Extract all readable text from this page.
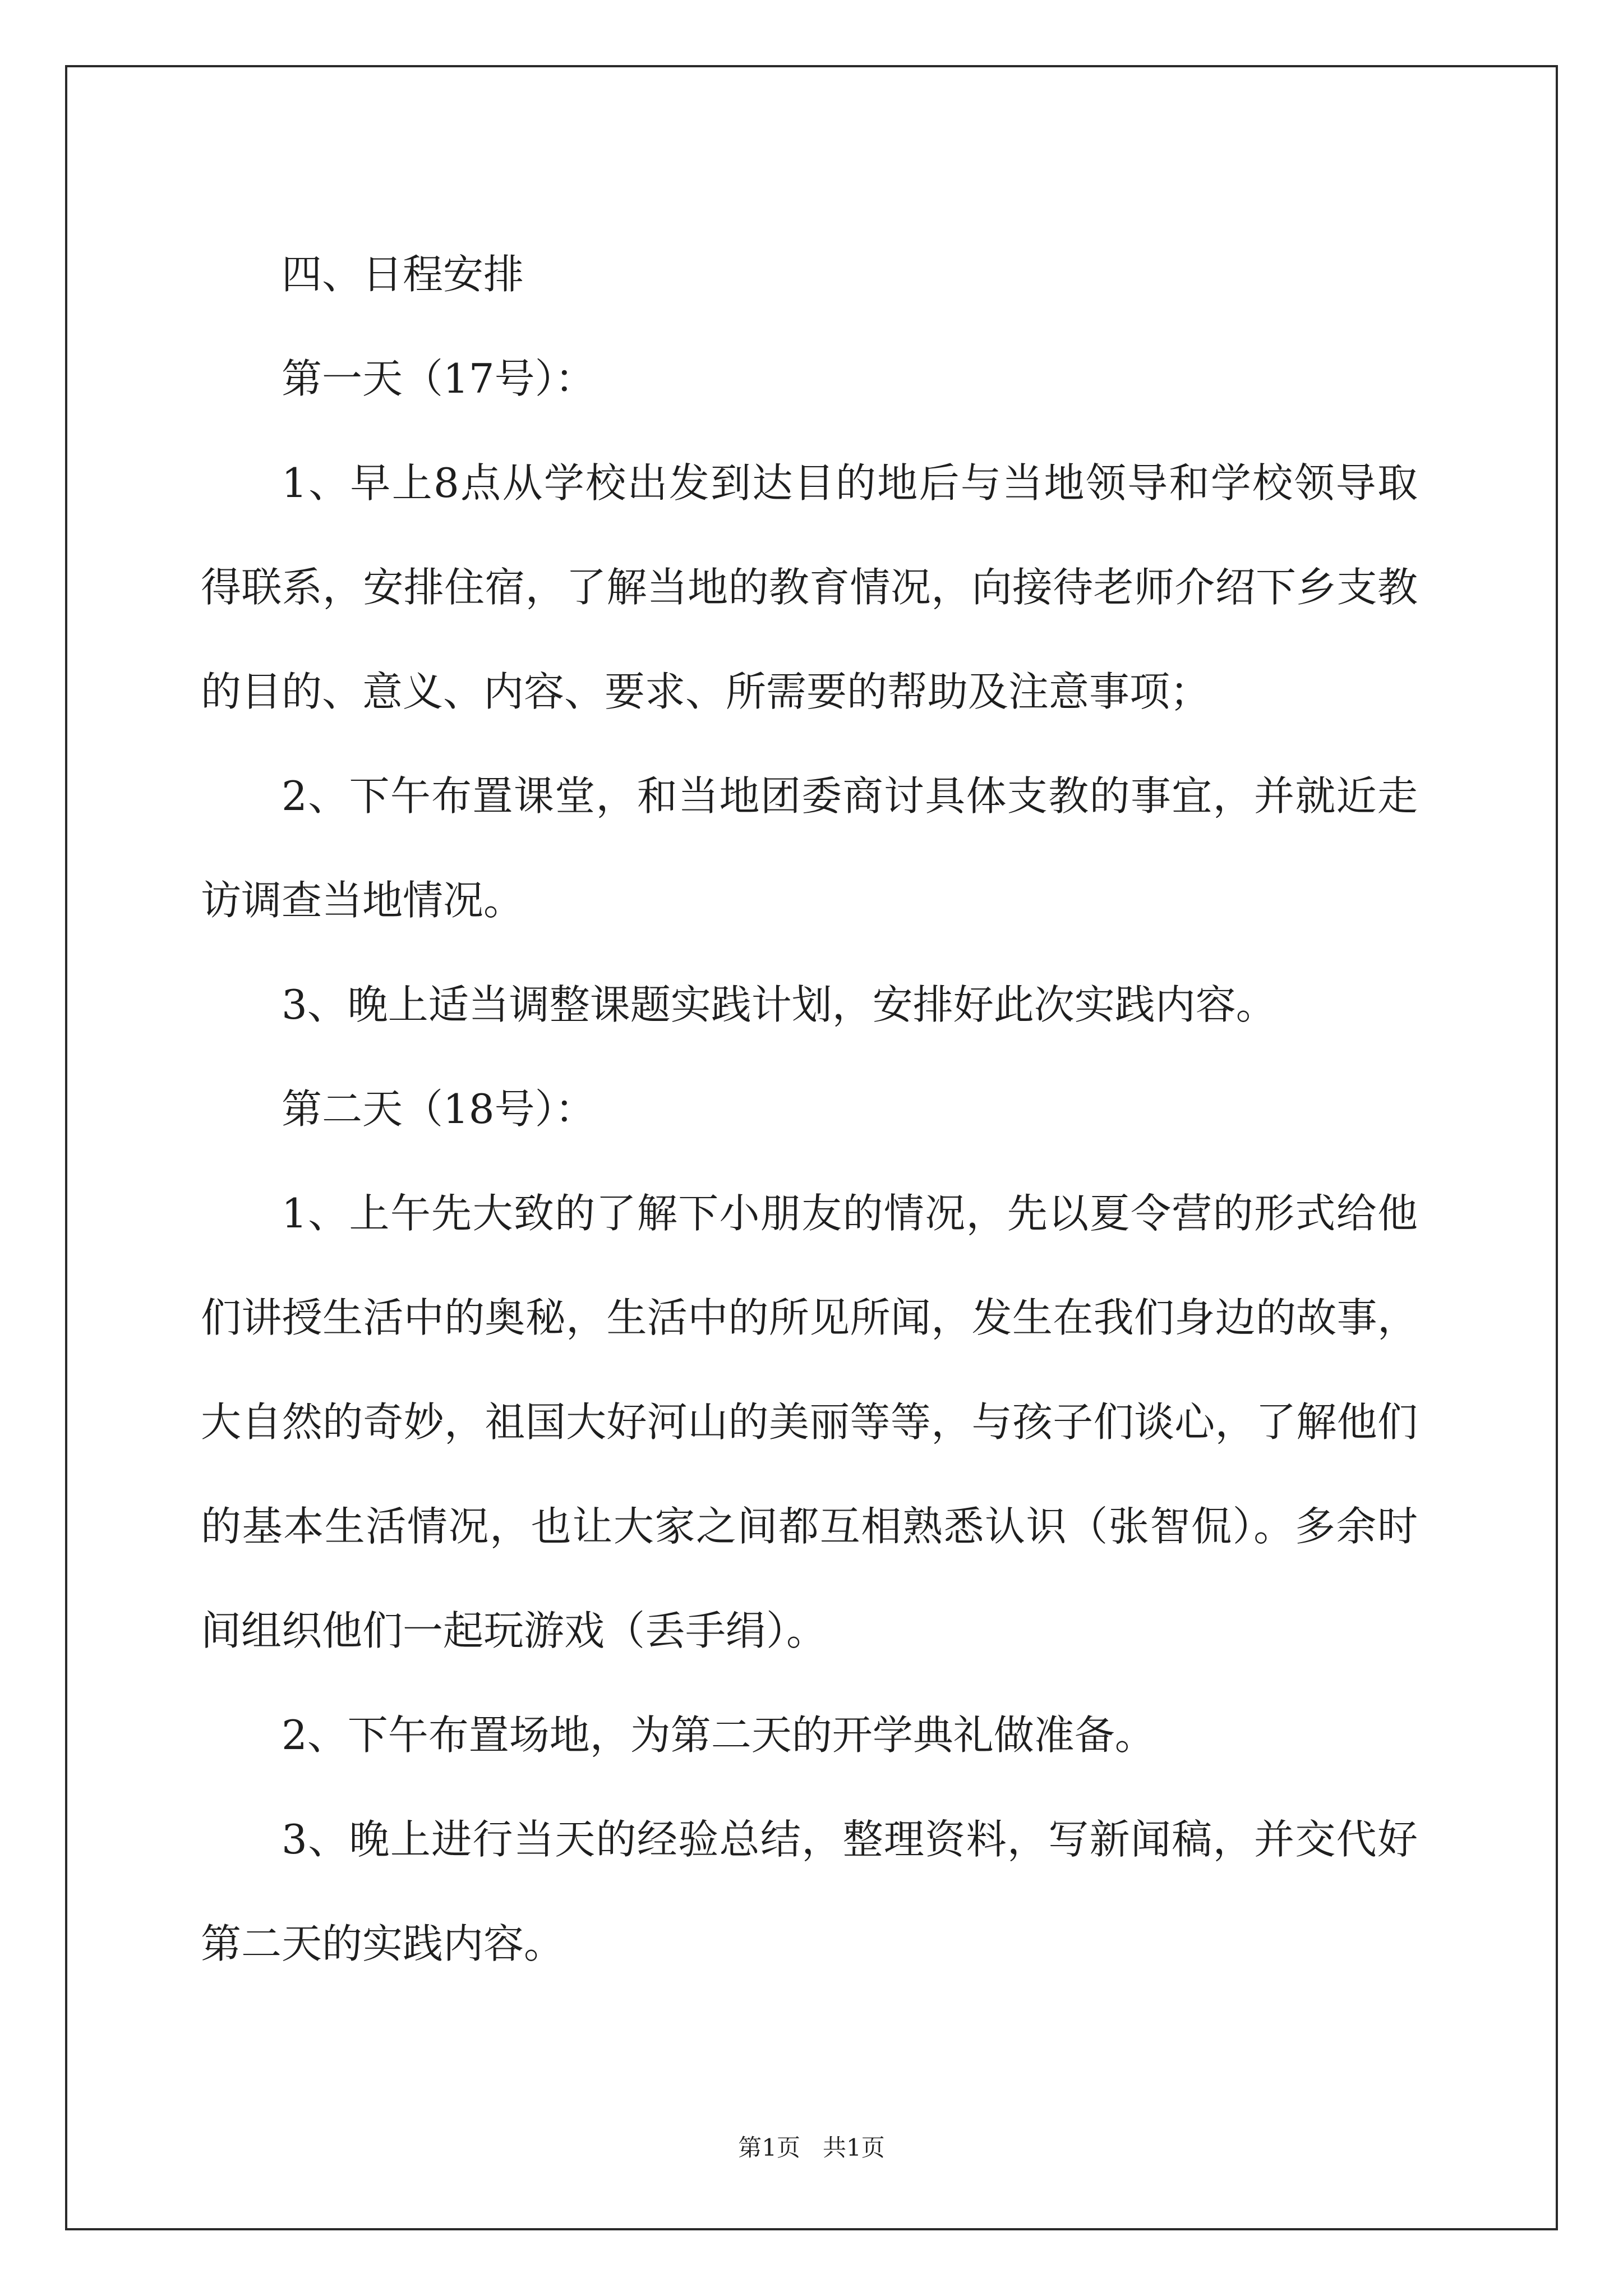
四、日程安排

第一天（17号）：

1、早上8点从学校出发到达目的地后与当地领导和学校领导取得联系，安排住宿，了解当地的教育情况，向接待老师介绍下乡支教的目的、意义、内容、要求、所需要的帮助及注意事项；

2、下午布置课堂，和当地团委商讨具体支教的事宜，并就近走访调查当地情况。

3、晚上适当调整课题实践计划，安排好此次实践内容。

第二天（18号）：

1、上午先大致的了解下小朋友的情况，先以夏令营的形式给他们讲授生活中的奥秘，生活中的所见所闻，发生在我们身边的故事，大自然的奇妙，祖国大好河山的美丽等等，与孩子们谈心，了解他们的基本生活情况，也让大家之间都互相熟悉认识（张智侃）。多余时间组织他们一起玩游戏（丢手绢）。

2、下午布置场地，为第二天的开学典礼做准备。

3、晚上进行当天的经验总结，整理资料，写新闻稿，并交代好第二天的实践内容。

第1页   共1页
